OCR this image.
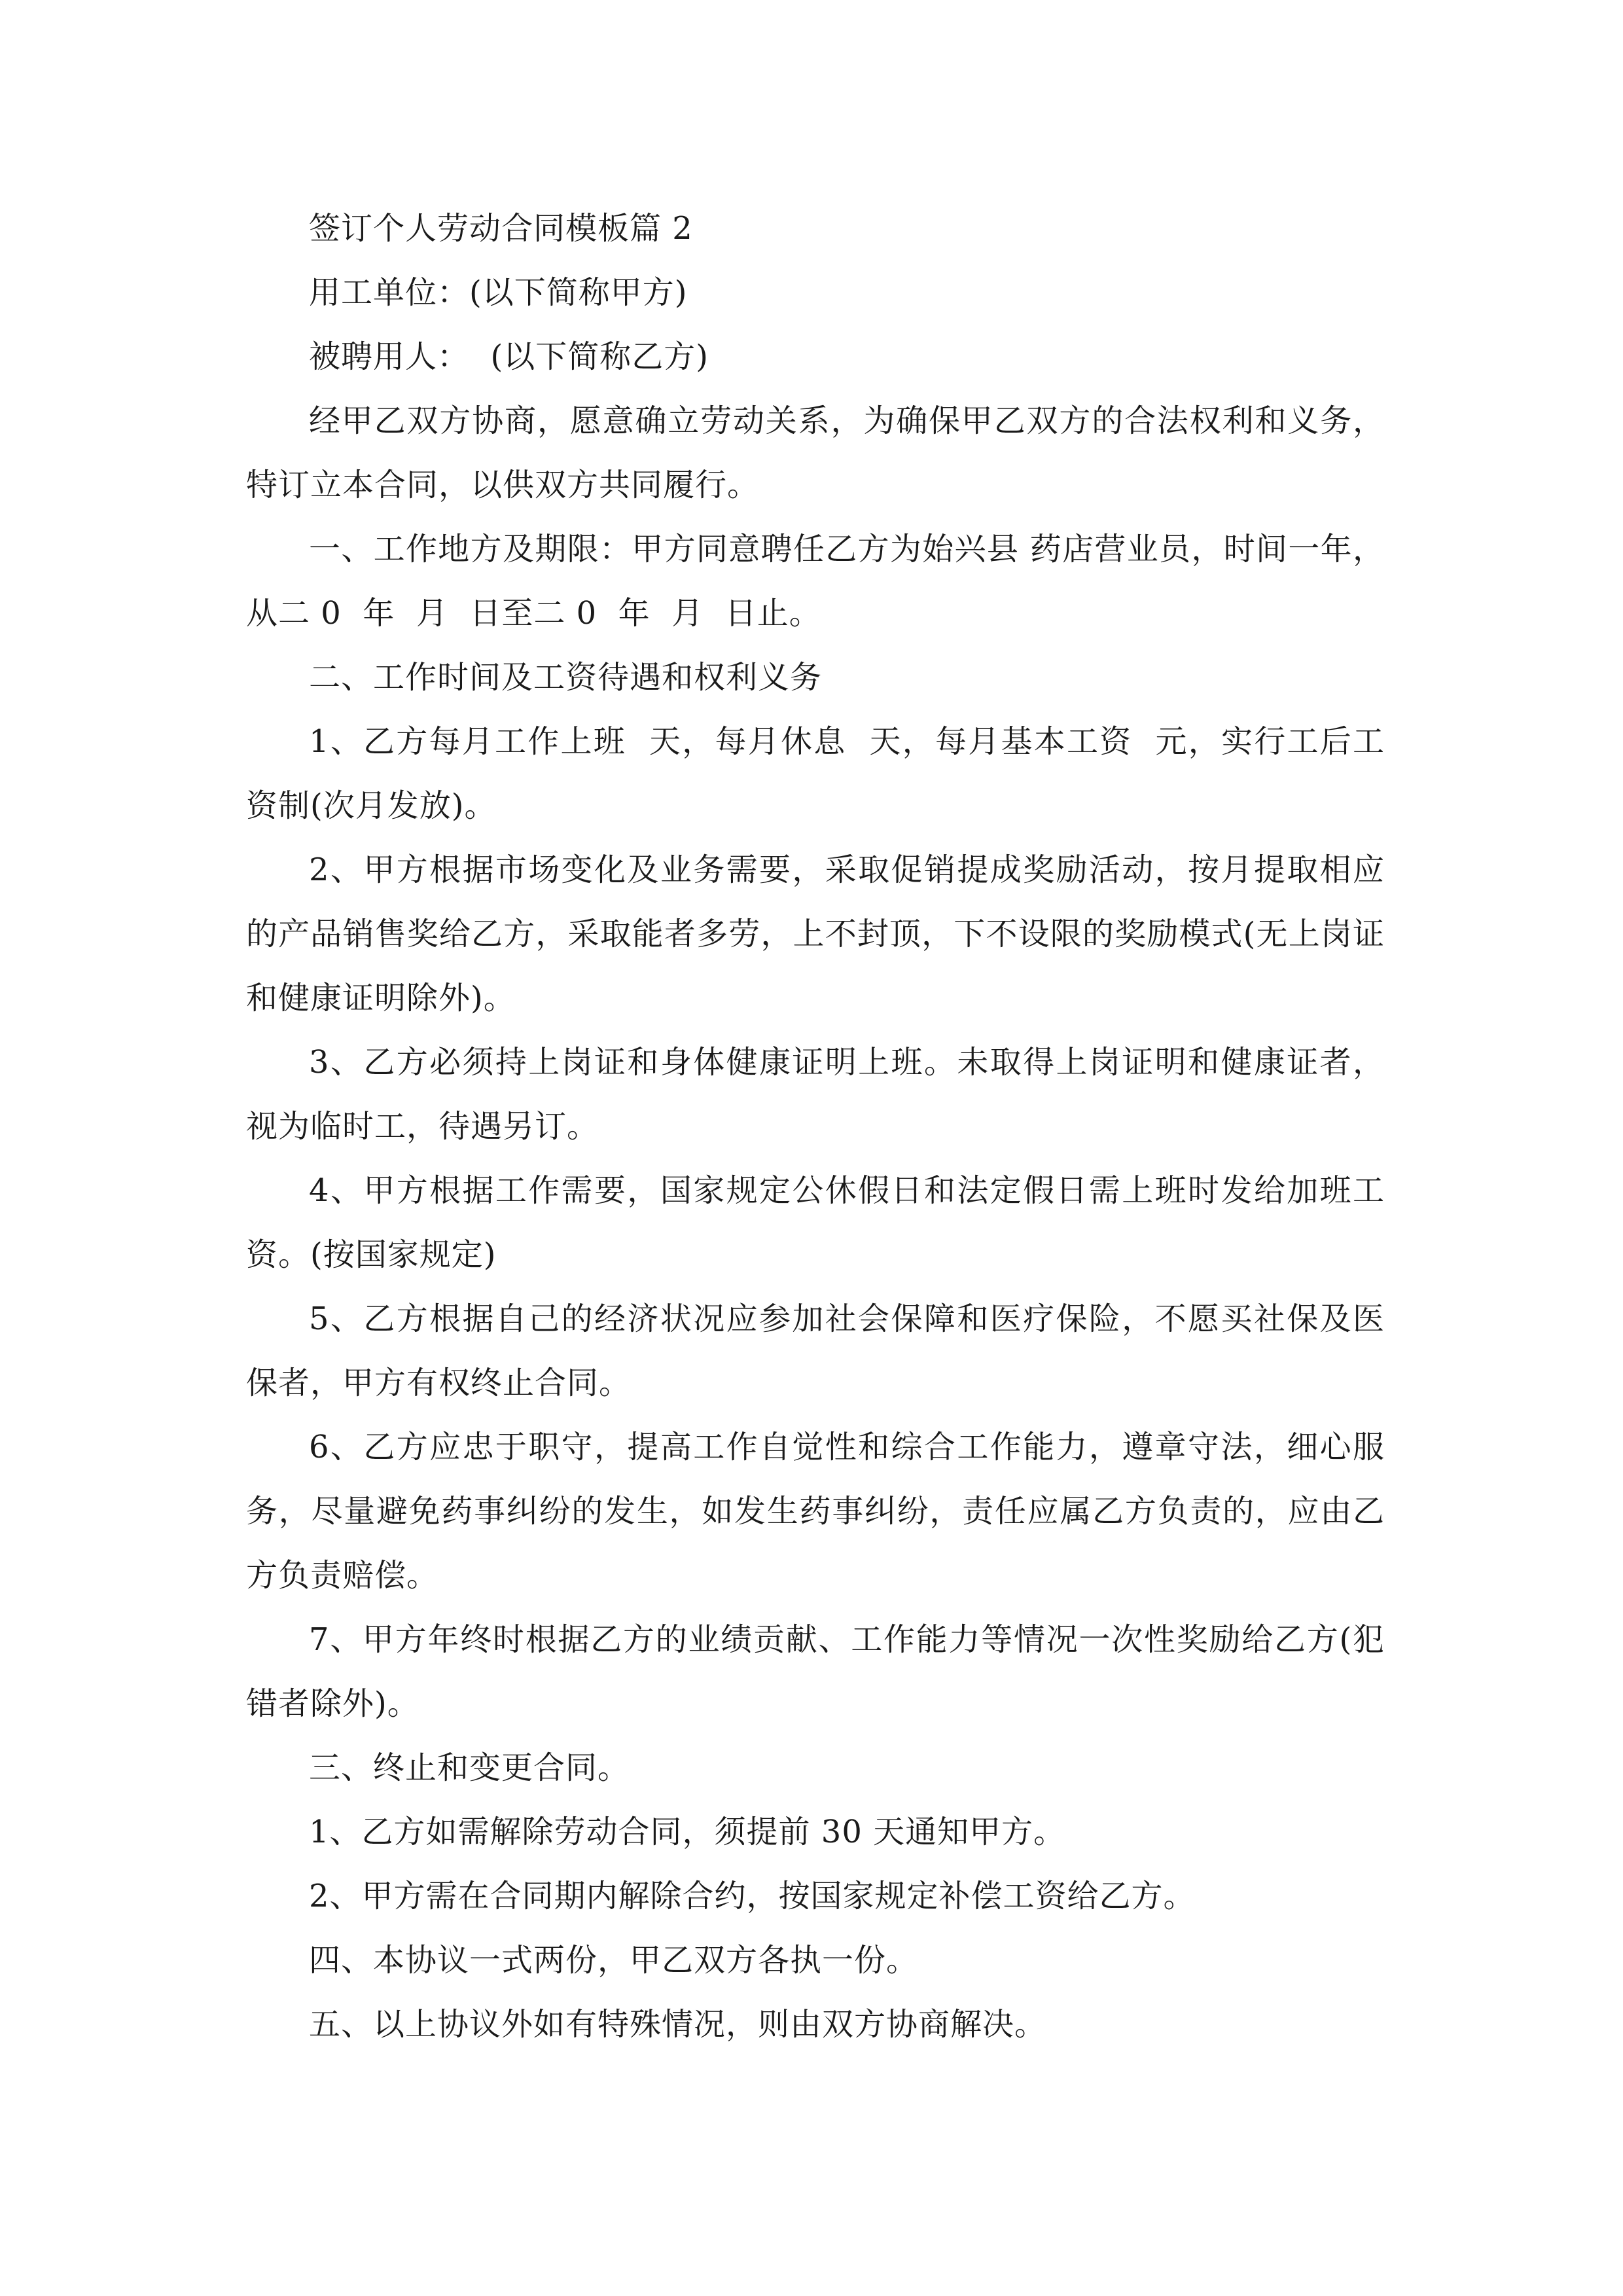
签订个人劳动合同模板篇 2

用工单位：(以下简称甲方)

被聘用人：  (以下简称乙方)

经甲乙双方协商，愿意确立劳动关系，为确保甲乙双方的合法权利和义务，特订立本合同，以供双方共同履行。

一、工作地方及期限：甲方同意聘任乙方为始兴县 药店营业员，时间一年，从二 0  年  月  日至二 0  年  月  日止。

二、工作时间及工资待遇和权利义务

1、乙方每月工作上班  天，每月休息  天，每月基本工资  元，实行工后工资制(次月发放)。

2、甲方根据市场变化及业务需要，采取促销提成奖励活动，按月提取相应的产品销售奖给乙方，采取能者多劳，上不封顶，下不设限的奖励模式(无上岗证和健康证明除外)。

3、乙方必须持上岗证和身体健康证明上班。未取得上岗证明和健康证者，视为临时工，待遇另订。

4、甲方根据工作需要，国家规定公休假日和法定假日需上班时发给加班工资。(按国家规定)

5、乙方根据自己的经济状况应参加社会保障和医疗保险，不愿买社保及医保者，甲方有权终止合同。

6、乙方应忠于职守，提高工作自觉性和综合工作能力，遵章守法，细心服务，尽量避免药事纠纷的发生，如发生药事纠纷，责任应属乙方负责的，应由乙方负责赔偿。

7、甲方年终时根据乙方的业绩贡献、工作能力等情况一次性奖励给乙方(犯错者除外)。

三、终止和变更合同。

1、乙方如需解除劳动合同，须提前 30 天通知甲方。

2、甲方需在合同期内解除合约，按国家规定补偿工资给乙方。

四、本协议一式两份，甲乙双方各执一份。

五、以上协议外如有特殊情况，则由双方协商解决。
